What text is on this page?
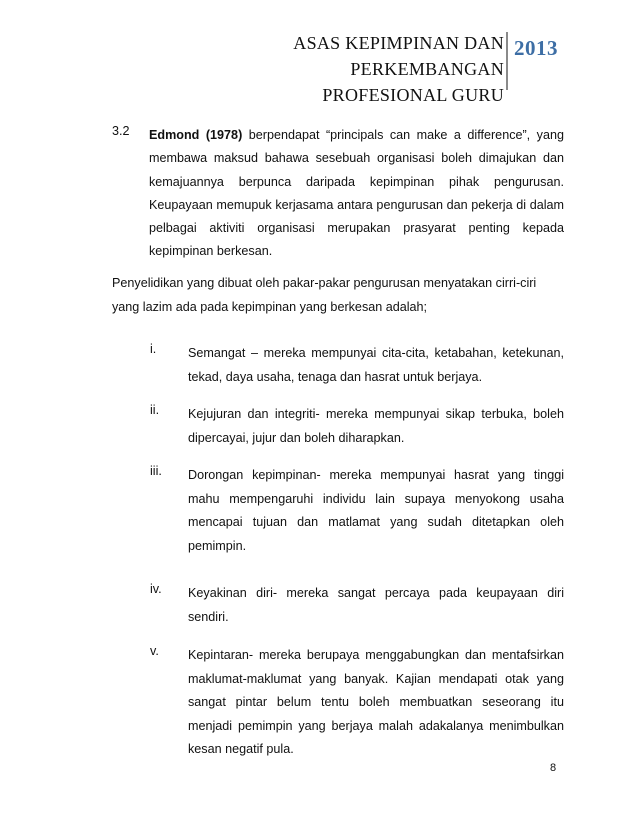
ASAS KEPIMPINAN DAN PERKEMBANGAN
PROFESIONAL GURU
2013
3.2 Edmond (1978) berpendapat “principals can make a difference”, yang membawa maksud bahawa sesebuah organisasi boleh dimajukan dan kemajuannya berpunca daripada kepimpinan pihak pengurusan. Keupayaan memupuk kerjasama antara pengurusan dan pekerja di dalam pelbagai aktiviti organisasi merupakan prasyarat penting kepada kepimpinan berkesan.
Penyelidikan yang dibuat oleh pakar-pakar pengurusan menyatakan cirri-ciri yang lazim ada pada kepimpinan yang berkesan adalah;
i.	Semangat – mereka mempunyai cita-cita, ketabahan, ketekunan, tekad, daya usaha, tenaga dan hasrat untuk berjaya.
ii. Kejujuran dan integriti- mereka mempunyai sikap terbuka, boleh dipercayai, jujur dan boleh diharapkan.
iii. Dorongan kepimpinan- mereka mempunyai hasrat yang tinggi mahu mempengaruhi individu lain supaya menyokong usaha mencapai tujuan dan matlamat yang sudah ditetapkan oleh pemimpin.
iv. Keyakinan diri- mereka sangat percaya pada keupayaan diri sendiri.
v. Kepintaran- mereka berupaya menggabungkan dan mentafsirkan maklumat-maklumat yang banyak. Kajian mendapati otak yang sangat pintar belum tentu boleh membuatkan seseorang itu menjadi pemimpin yang berjaya malah adakalanya menimbulkan kesan negatif pula.
8
